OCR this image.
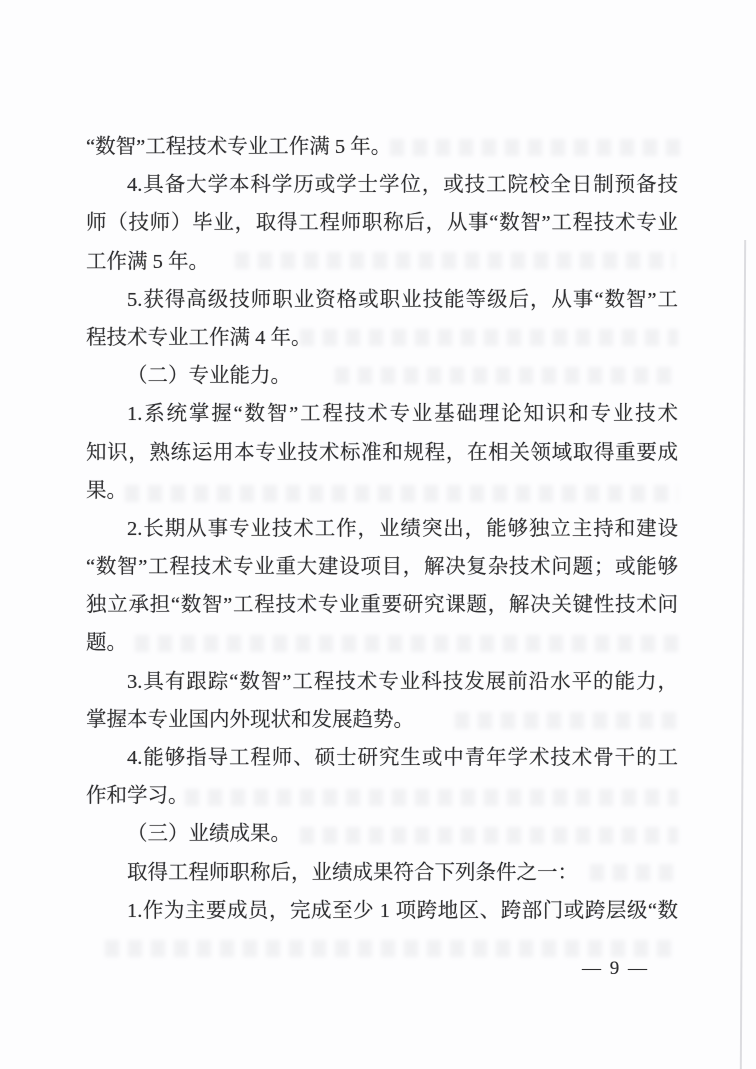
“数智”工程技术专业工作满 5 年。
4.具备大学本科学历或学士学位，或技工院校全日制预备技
师（技师）毕业，取得工程师职称后，从事“数智”工程技术专业
工作满 5 年。
5.获得高级技师职业资格或职业技能等级后，从事“数智”工
程技术专业工作满 4 年。
（二）专业能力。
1.系统掌握“数智”工程技术专业基础理论知识和专业技术
知识，熟练运用本专业技术标准和规程，在相关领域取得重要成
果。
2.长期从事专业技术工作，业绩突出，能够独立主持和建设
“数智”工程技术专业重大建设项目，解决复杂技术问题；或能够
独立承担“数智”工程技术专业重要研究课题，解决关键性技术问
题。
3.具有跟踪“数智”工程技术专业科技发展前沿水平的能力，
掌握本专业国内外现状和发展趋势。
4.能够指导工程师、硕士研究生或中青年学术技术骨干的工
作和学习。
（三）业绩成果。
取得工程师职称后，业绩成果符合下列条件之一：
1.作为主要成员，完成至少 1 项跨地区、跨部门或跨层级“数
— 9 —
